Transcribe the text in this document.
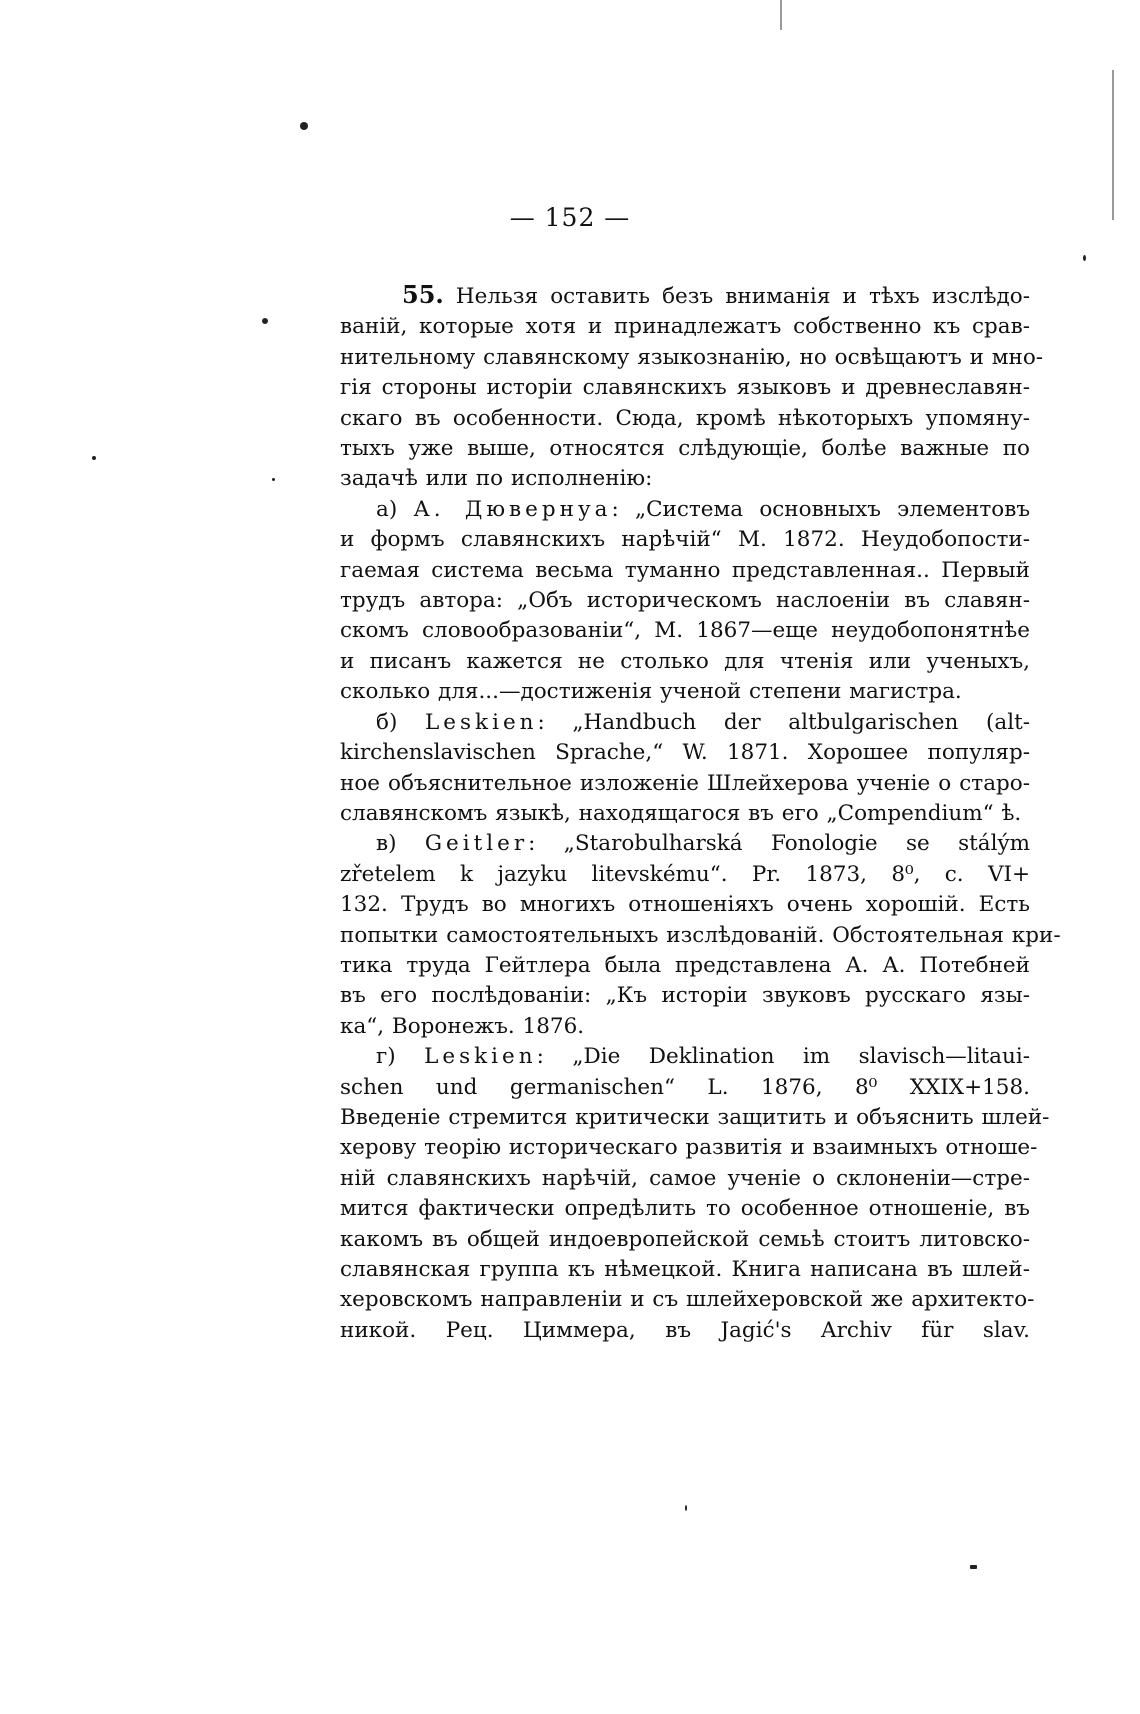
— 152 —
55. Нельзя оставить безъ вниманія и тѣхъ изслѣдо-
ваній, которые хотя и принадлежатъ собственно къ срав-
нительному славянскому языкознанію, но освѣщаютъ и мно-
гія стороны исторіи славянскихъ языковъ и древнеславян-
скаго въ особенности. Сюда, кромѣ нѣкоторыхъ упомяну-
тыхъ уже выше, относятся слѣдующіе, болѣе важные по
задачѣ или по исполненію:
а) А. Дювернуа: „Система основныхъ элементовъ
и формъ славянскихъ нарѣчій“ М. 1872. Неудобопости-
гаемая система весьма туманно представленная.. Первый
трудъ автора: „Объ историческомъ наслоеніи въ славян-
скомъ словообразованіи“, М. 1867—еще неудобопонятнѣе
и писанъ кажется не столько для чтенія или ученыхъ,
сколько для...—достиженія ученой степени магистра.
б) Leskien: „Handbuch der altbulgarischen (alt-
kirchenslavischen Sprache,“ W. 1871. Хорошее популяр-
ное объяснительное изложеніе Шлейхерова ученіе о старо-
славянскомъ языкѣ, находящагося въ его „Compendium“ ѣ.
в) Geitler: „Starobulharská Fonologie se stálým
zřetelem k jazyku litevskému“. Pr. 1873, 8⁰, c. VI+
132. Трудъ во многихъ отношеніяхъ очень хорошій. Есть
попытки самостоятельныхъ изслѣдованій. Обстоятельная кри-
тика труда Гейтлера была представлена А. А. Потебней
въ его послѣдованіи: „Къ исторіи звуковъ русскаго язы-
ка“, Воронежъ. 1876.
г) Leskien: „Die Deklination im slavisch—litaui-
schen und germanischen“ L. 1876, 8⁰ XXIX+158.
Введеніе стремится критически защитить и объяснить шлей-
херову теорію историческаго развитія и взаимныхъ отноше-
ній славянскихъ нарѣчій, самое ученіе о склоненіи—стре-
мится фактически опредѣлить то особенное отношеніе, въ
какомъ въ общей индоевропейской семьѣ стоитъ литовско-
славянская группа къ нѣмецкой. Книга написана въ шлей-
херовскомъ направленіи и съ шлейхеровской же архитекто-
никой. Рец. Циммера, въ Jagić's Archiv für slav.
